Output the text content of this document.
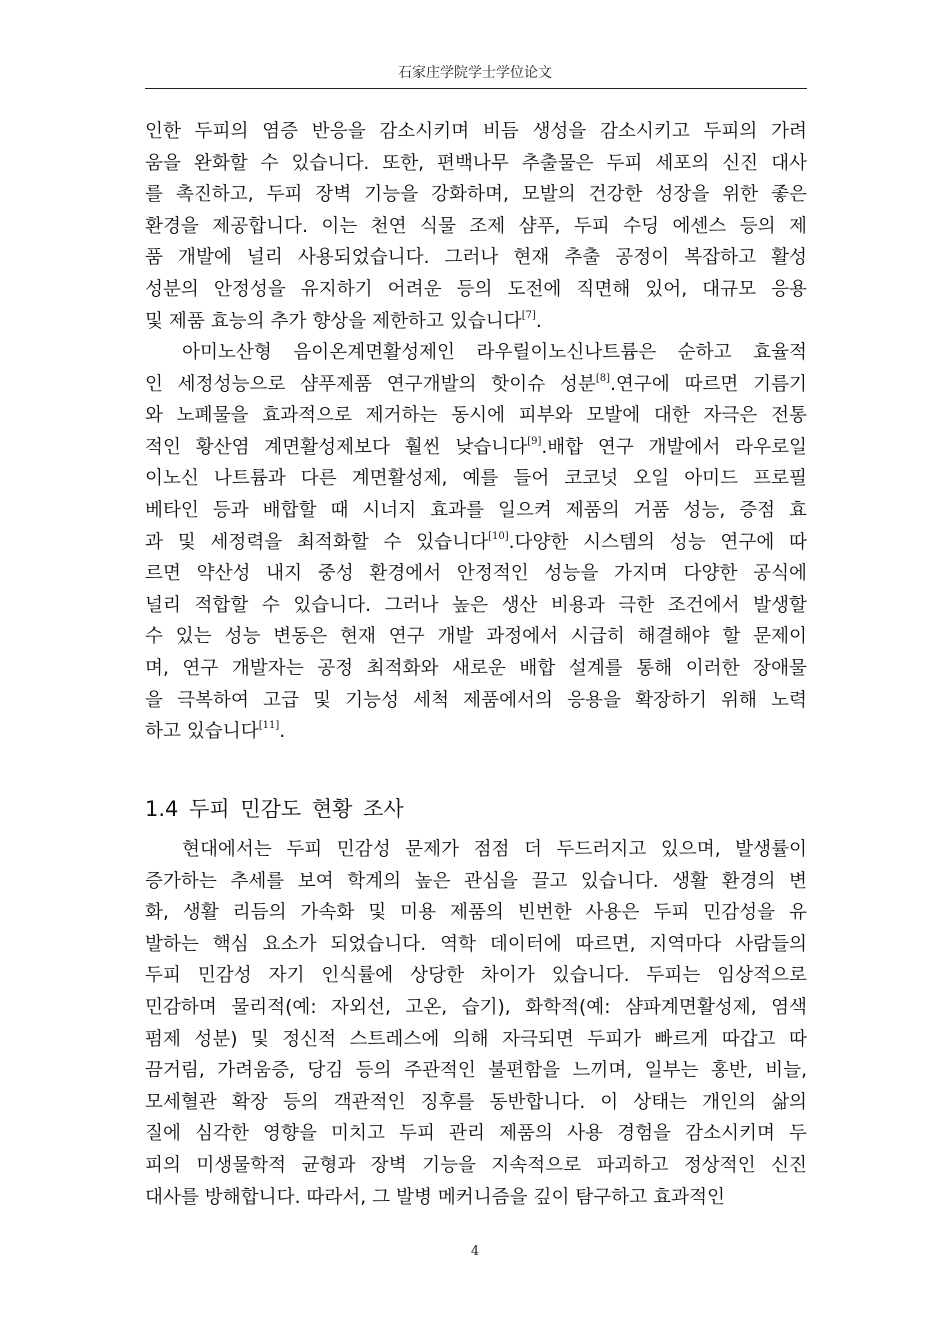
石家庄学院学士学位论文
인한 두피의 염증 반응을 감소시키며 비듬 생성을 감소시키고 두피의 가려
움을 완화할 수 있습니다. 또한, 편백나무 추출물은 두피 세포의 신진 대사
를 촉진하고, 두피 장벽 기능을 강화하며, 모발의 건강한 성장을 위한 좋은
환경을 제공합니다. 이는 천연 식물 조제 샴푸, 두피 수딩 에센스 등의 제
품 개발에 널리 사용되었습니다. 그러나 현재 추출 공정이 복잡하고 활성
성분의 안정성을 유지하기 어려운 등의 도전에 직면해 있어, 대규모 응용
및 제품 효능의 추가 향상을 제한하고 있습니다[7].
아미노산형 음이온계면활성제인 라우릴이노신나트륨은 순하고 효율적
인 세정성능으로 샴푸제품 연구개발의 핫이슈 성분[8].연구에 따르면 기름기
와 노폐물을 효과적으로 제거하는 동시에 피부와 모발에 대한 자극은 전통
적인 황산염 계면활성제보다 훨씬 낮습니다[9].배합 연구 개발에서 라우로일
이노신 나트륨과 다른 계면활성제, 예를 들어 코코넛 오일 아미드 프로필
베타인 등과 배합할 때 시너지 효과를 일으켜 제품의 거품 성능, 증점 효
과 및 세정력을 최적화할 수 있습니다[10].다양한 시스템의 성능 연구에 따
르면 약산성 내지 중성 환경에서 안정적인 성능을 가지며 다양한 공식에
널리 적합할 수 있습니다. 그러나 높은 생산 비용과 극한 조건에서 발생할
수 있는 성능 변동은 현재 연구 개발 과정에서 시급히 해결해야 할 문제이
며, 연구 개발자는 공정 최적화와 새로운 배합 설계를 통해 이러한 장애물
을 극복하여 고급 및 기능성 세척 제품에서의 응용을 확장하기 위해 노력
하고 있습니다[11].
1.4 두피 민감도 현황 조사
현대에서는 두피 민감성 문제가 점점 더 두드러지고 있으며, 발생률이
증가하는 추세를 보여 학계의 높은 관심을 끌고 있습니다. 생활 환경의 변
화, 생활 리듬의 가속화 및 미용 제품의 빈번한 사용은 두피 민감성을 유
발하는 핵심 요소가 되었습니다. 역학 데이터에 따르면, 지역마다 사람들의
두피 민감성 자기 인식률에 상당한 차이가 있습니다. 두피는 임상적으로
민감하며 물리적(예: 자외선, 고온, 습기), 화학적(예: 샴파계면활성제, 염색
펌제 성분) 및 정신적 스트레스에 의해 자극되면 두피가 빠르게 따갑고 따
끔거림, 가려움증, 당김 등의 주관적인 불편함을 느끼며, 일부는 홍반, 비늘,
모세혈관 확장 등의 객관적인 징후를 동반합니다. 이 상태는 개인의 삶의
질에 심각한 영향을 미치고 두피 관리 제품의 사용 경험을 감소시키며 두
피의 미생물학적 균형과 장벽 기능을 지속적으로 파괴하고 정상적인 신진
대사를 방해합니다. 따라서, 그 발병 메커니즘을 깊이 탐구하고 효과적인
4
